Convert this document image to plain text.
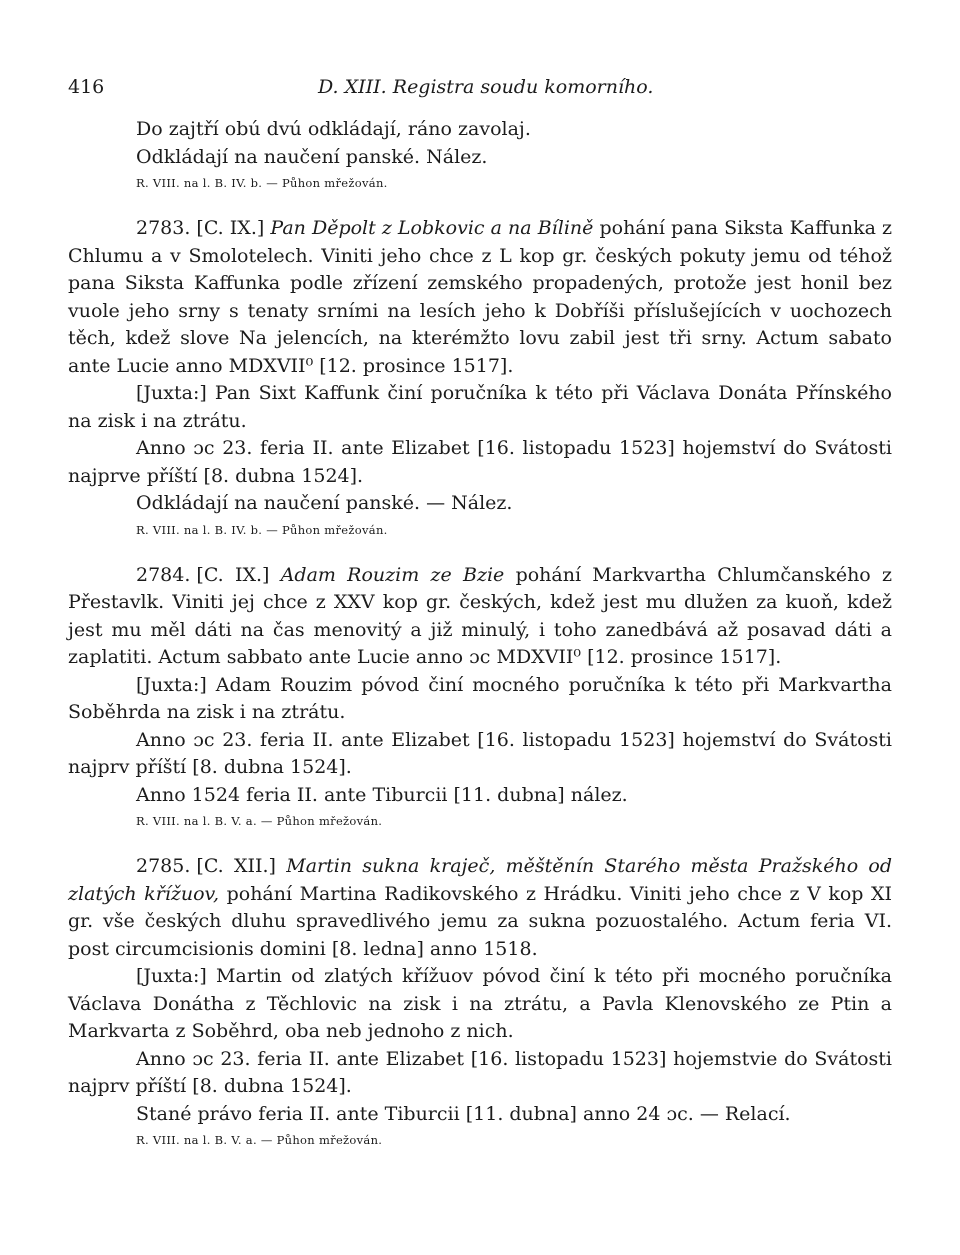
416	D. XIII. Registra soudu komorního.

Do zajtří obú dvú odkládají, ráno zavolaj.

Odkládají na naučení panské. Nález.

R. VIII. na l. B. IV. b. — Půhon mřežován.

2783. [C. IX.] Pan Děpolt z Lobkovic a na Bílině pohání pana Siksta Kaffunka z Chlumu a v Smolotelech. Viniti jeho chce z L kop gr. českých pokuty jemu od téhož pana Siksta Kaffunka podle zřízení zemského propadených, protože jest honil bez vuole jeho srny s tenaty srními na lesích jeho k Dobříši příslušejících v uochozech těch, kdež slove Na jelencích, na kterémžto lovu zabil jest tři srny. Actum sabato ante Lucie anno MDXVII⁰ [12. prosince 1517].

[Juxta:] Pan Sixt Kaffunk činí poručníka k této při Václava Donáta Přínského na zisk i na ztrátu.

Anno ɔc 23. feria II. ante Elizabet [16. listopadu 1523] hojemství do Svátosti najprve příští [8. dubna 1524].

Odkládají na naučení panské. — Nález.

R. VIII. na l. B. IV. b. — Půhon mřežován.

2784. [C. IX.] Adam Rouzim ze Bzie pohání Markvartha Chlumčanského z Přestavlk. Viniti jej chce z XXV kop gr. českých, kdež jest mu dlužen za kuoň, kdež jest mu měl dáti na čas menovitý a již minulý, i toho zanedbává až posavad dáti a zaplatiti. Actum sabbato ante Lucie anno ɔc MDXVII⁰ [12. prosince 1517].

[Juxta:] Adam Rouzim pόvod činí mocného poručníka k této při Markvartha Soběhrda na zisk i na ztrátu.

Anno ɔc 23. feria II. ante Elizabet [16. listopadu 1523] hojemství do Svátosti najprv příští [8. dubna 1524].

Anno 1524 feria II. ante Tiburcii [11. dubna] nález.

R. VIII. na l. B. V. a. — Půhon mřežován.

2785. [C. XII.] Martin sukna kraječ, měštěnín Starého města Pražského od zlatých křížuov, pohání Martina Radikovského z Hrádku. Viniti jeho chce z V kop XI gr. vše českých dluhu spravedlivého jemu za sukna pozuostalého. Actum feria VI. post circumcisionis domini [8. ledna] anno 1518.

[Juxta:] Martin od zlatých křížuov pόvod činí k této při mocného poručníka Václava Donátha z Těchlovic na zisk i na ztrátu, a Pavla Klenovského ze Ptin a Markvarta z Soběhrd, oba neb jednoho z nich.

Anno ɔc 23. feria II. ante Elizabet [16. listopadu 1523] hojemstvie do Svátosti najprv příští [8. dubna 1524].

Stané právo feria II. ante Tiburcii [11. dubna] anno 24 ɔc. — Relací.

R. VIII. na l. B. V. a. — Půhon mřežován.
